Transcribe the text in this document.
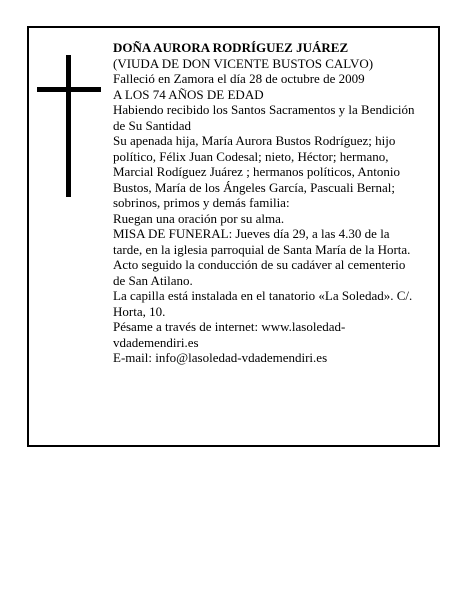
DOÑA AURORA RODRÍGUEZ JUÁREZ

(VIUDA DE DON VICENTE BUSTOS CALVO)

Falleció en Zamora el día 28 de octubre de 2009

A LOS 74 AÑOS DE EDAD

Habiendo recibido los Santos Sacramentos y la Bendición de Su Santidad

Su apenada hija, María Aurora Bustos Rodríguez; hijo político, Félix Juan Codesal; nieto, Héctor; hermano, Marcial Rodíguez Juárez ; hermanos políticos, Antonio Bustos, María de los Ángeles García, Pascuali Bernal; sobrinos, primos y demás familia:

Ruegan una oración por su alma.

MISA DE FUNERAL: Jueves día 29, a las 4.30 de la tarde, en la iglesia parroquial de Santa María de la Horta. Acto seguido la conducción de su cadáver al cementerio de San Atilano.

La capilla está instalada en el tanatorio «La Soledad». C/. Horta, 10.

Pésame a través de internet: www.lasoledad-vdademendiri.es

E-mail: info@lasoledad-vdademendiri.es
